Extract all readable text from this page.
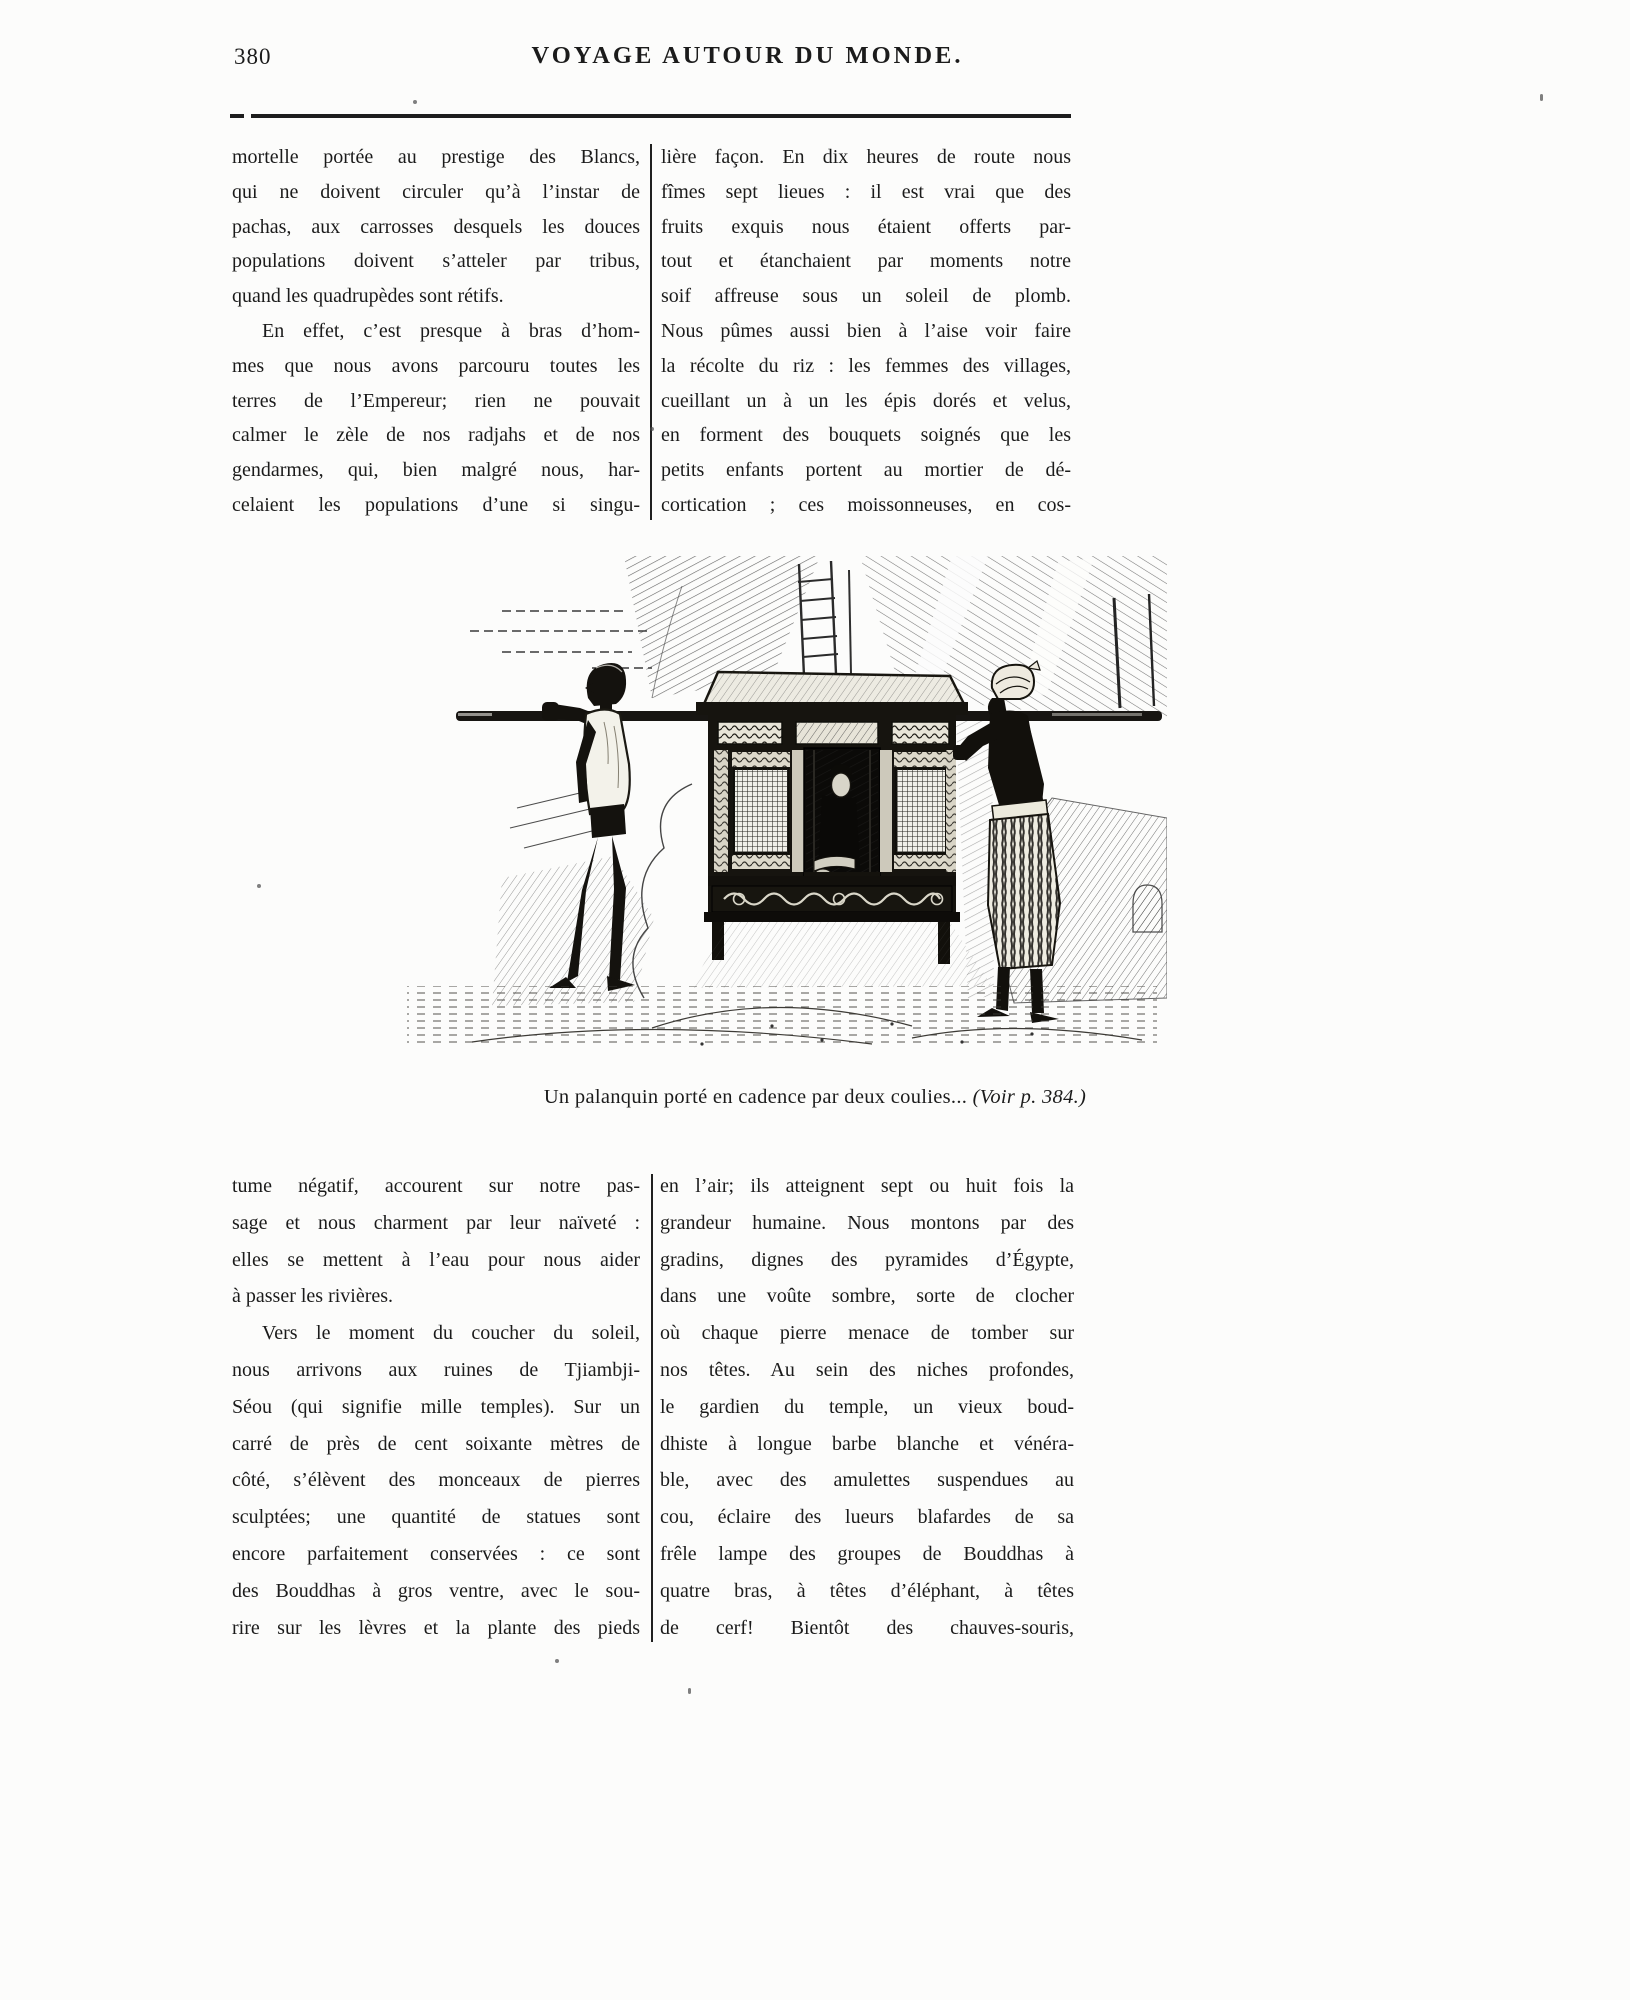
380	VOYAGE AUTOUR DU MONDE.
mortelle portée au prestige des Blancs,
qui ne doivent circuler qu’à l’instar de
pachas, aux carrosses desquels les douces
populations doivent s’atteler par tribus,
quand les quadrupèdes sont rétifs.
En effet, c’est presque à bras d’hom-
mes que nous avons parcouru toutes les
terres de l’Empereur; rien ne pouvait
calmer le zèle de nos radjahs et de nos
gendarmes, qui, bien malgré nous, har-
celaient les populations d’une si singu-
lière façon. En dix heures de route nous
fîmes sept lieues : il est vrai que des
fruits exquis nous étaient offerts par-
tout et étanchaient par moments notre
soif affreuse sous un soleil de plomb.
Nous pûmes aussi bien à l’aise voir faire
la récolte du riz : les femmes des villages,
cueillant un à un les épis dorés et velus,
en forment des bouquets soignés que les
petits enfants portent au mortier de dé-
cortication ; ces moissonneuses, en cos-
Un palanquin porté en cadence par deux coulies... (Voir p. 384.)
tume négatif, accourent sur notre pas-
sage et nous charment par leur naïveté :
elles se mettent à l’eau pour nous aider
à passer les rivières.
Vers le moment du coucher du soleil,
nous arrivons aux ruines de Tjiambji-
Séou (qui signifie mille temples). Sur un
carré de près de cent soixante mètres de
côté, s’élèvent des monceaux de pierres
sculptées; une quantité de statues sont
encore parfaitement conservées : ce sont
des Bouddhas à gros ventre, avec le sou-
rire sur les lèvres et la plante des pieds
en l’air; ils atteignent sept ou huit fois la
grandeur humaine. Nous montons par des
gradins, dignes des pyramides d’Égypte,
dans une voûte sombre, sorte de clocher
où chaque pierre menace de tomber sur
nos têtes. Au sein des niches profondes,
le gardien du temple, un vieux boud-
dhiste à longue barbe blanche et vénéra-
ble, avec des amulettes suspendues au
cou, éclaire des lueurs blafardes de sa
frêle lampe des groupes de Bouddhas à
quatre bras, à têtes d’éléphant, à têtes
de cerf! Bientôt des chauves-souris,
